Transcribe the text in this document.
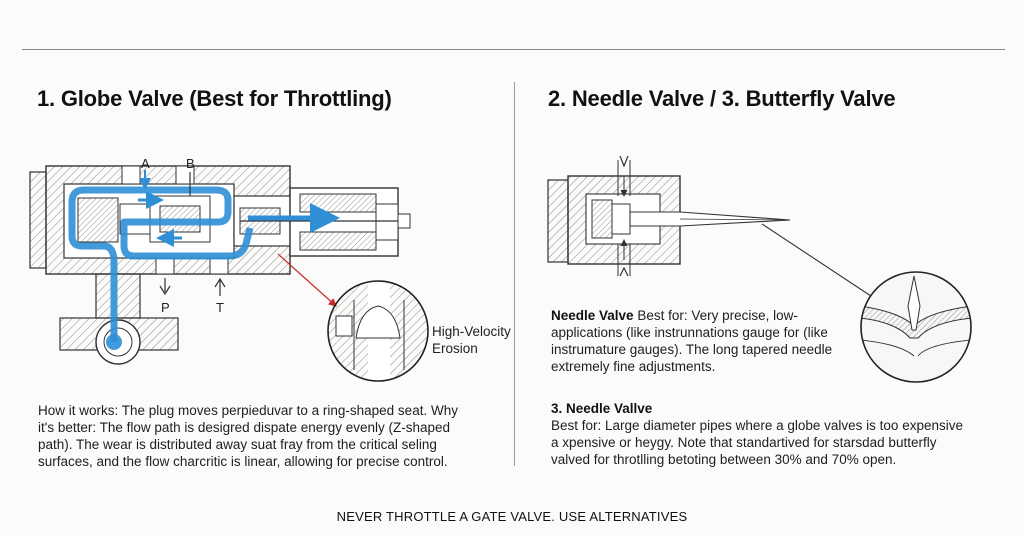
1. Globe Valve (Best for Throttling)	2. Needle Valve / 3. Butterfly Valve
A	B
P	T
High-Velocity
Erosion

How it works: The plug moves perpieduvar to a ring-shaped seat. Why it's better: The flow path is desigred dispate energy evenly (Z-shaped path). The wear is distributed away suat fray from the critical seling surfaces, and the flow charcritic is linear, allowing for precise control.

Needle Valve Best for: Very precise, low-applications (like instrunnations gauge for (like instrumature gauges). The long tapered needle extremely fine adjustments.
3. Needle Vallve
Best for: Large diameter pipes where a globe valves is too expensive a xpensive or heygy. Note that standartived for starsdad butterfly valved for throtlling betoting between 30% and 70% open.
NEVER THROTTLE A GATE VALVE. USE ALTERNATIVES
